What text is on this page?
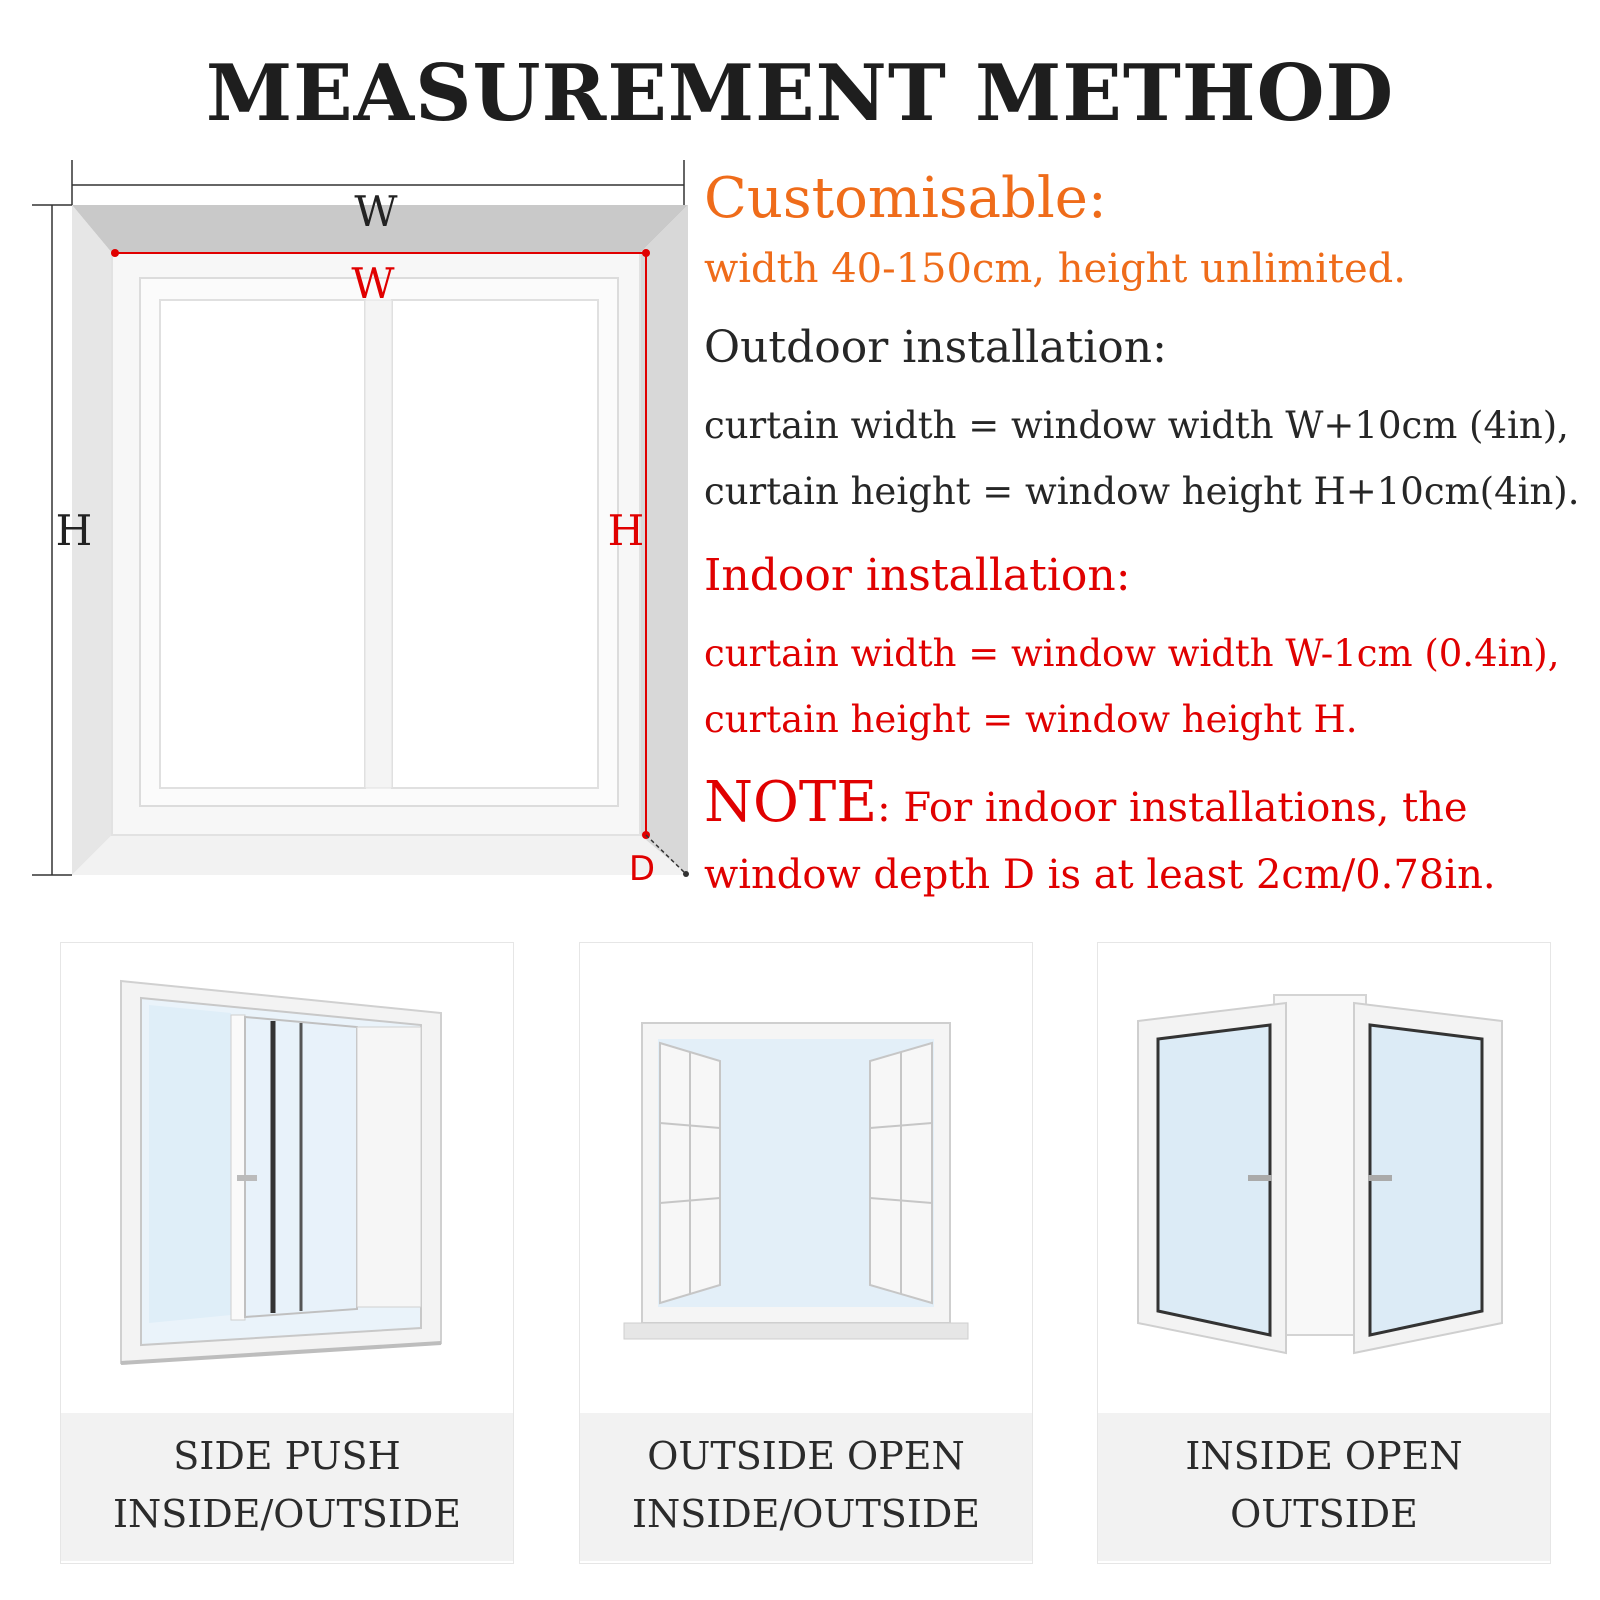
MEASUREMENT METHOD
W
W
H	H
D
Customisable:
width 40-150cm, height unlimited.
Outdoor installation:
curtain width = window width W+10cm (4in),
curtain height = window height H+10cm(4in).
Indoor installation:
curtain width = window width W-1cm (0.4in),
curtain height = window height H.
NOTE: For indoor installations, the
window depth D is at least 2cm/0.78in.
SIDE PUSH
INSIDE/OUTSIDE
OUTSIDE OPEN
INSIDE/OUTSIDE
INSIDE OPEN
OUTSIDE
